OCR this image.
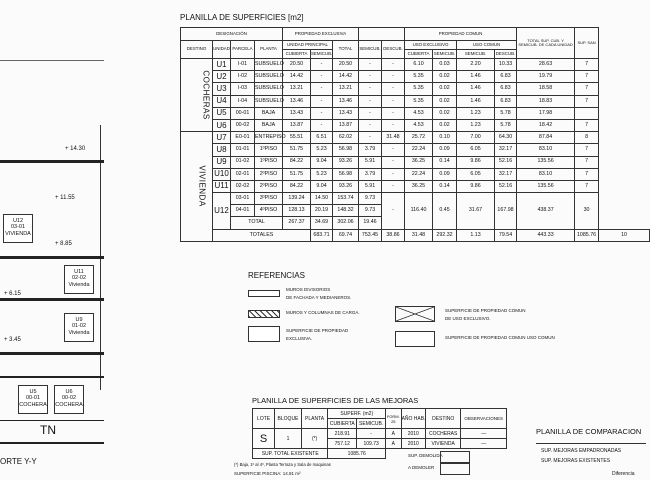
+ 14.30
+ 11.55
+ 8.85
+ 6.15
+ 3.45
U12
03-01
VIVIENDA
U11
02-02
Vivienda
U9
01-02
Vivienda
U5
00-01
COCHERA
U6
00-02
COCHERA
TN
ORTE Y-Y
PLANILLA DE SUPERFICIES [m2]
DESIGNACIÓN				PROPIEDAD EXCLUSIVA					PROPIEDAD COMUN				TOTAL SUP. CUB. Y SEMICUB. DE CADA UNIDAD	SUP. SAN	
DESTINO	UNIDAD	PARCELA	PLANTA	UNIDAD PRINCIPAL		TOTAL	SEMICUB.	DESCUB.	USO EXCLUSIVO		USO COMUN				
				CUBIERTA	SEMICUB.				CUBIERTA	SEMICUB.	SEMICUB.	DESCUB.			
COCHERAS	U1	I-01	SUBSUELO	20.50	-	20.50	-	-	6.10	0.03	2.20	10.33	28.63	7	
	U2	I-02	SUBSUELO	14.42	-	14.42	-	-	5.35	0.02	1.46	6.83	19.79	7	
	U3	I-03	SUBSUELO	13.21	-	13.21	-	-	5.35	0.02	1.46	6.83	18.58	7	
	U4	I-04	SUBSUELO	13.46	-	13.46	-	-	5.35	0.02	1.46	6.83	18.83	7	
	U5	00-01	BAJA	13.43	-	13.43	-	-	4.53	0.02	1.23	5.78	17.98		
	U6	00-02	BAJA	13.87	-	13.87	-	-	4.53	0.02	1.23	5.78	18.42	7	
VIVIENDA	U7	E0-01	ENTREPISO	55.51	6.51	62.02	-	31.48	25.72	0.10	7.00	64.30	87.84	8	
	U8	01-01	1ºPISO	51.75	5.23	56.98	3.79	-	22.24	0.09	6.05	32.17	83.10	7	
	U9	01-02	1ºPISO	84.22	9.04	93.26	5.91	-	36.25	0.14	9.86	52.16	135.56	7	
	U10	02-01	2ºPISO	51.75	5.23	56.98	3.79	-	22.24	0.09	6.05	32.17	83.10	7	
	U11	02-02	2ºPISO	84.22	9.04	93.26	5.91	-	36.25	0.14	9.86	52.16	135.56	7	
	U12	03-01	3ºPISO	139.24	14.50	153.74	9.73	-	116.40	0.45	31.67	167.98	438.37	30	
		04-01	4ºPISO	128.13	20.19	148.32	9.73								
		TOTAL		267.37	34.69	302.06	19.46								
	TOTALES				683.71	69.74	753.45	38.86	31.48	292.32	1.13	79.54	443.33	1085.76	10
REFERENCIAS
MUROS DIVISORIOS
DE FACHADA Y MEDIANEROS.
MUROS Y COLUMNAS DE CARGA.
SUPERFICIE DE PROPIEDAD
EXCLUSIVA.
SUPERFICIE DE PROPIEDAD COMUN
DE USO EXCLUSIVO.
SUPERFICIE DE PROPIEDAD COMUN USO COMUN
PLANILLA DE SUPERFICIES DE LAS MEJORAS
LOTE	BLOQUE	PLANTA	SUPERF. (m2)		FORM. 25	AÑO HAB.	DESTINO	OBSERVACIONES
			CUBIERTA	SEMICUB.				
S	1	(*)	218.91	-	A	2010	COCHERAS	—
			757.12	109.73	A	2010	VIVIENDA	—
SUP. TOTAL EXISTENTE			1085.76						SUP. DEMOLIDA
A DEMOLER
(*) Baja, 1º al 4º, Planta Terraza y Sala de maquinas
SUPERFICIE PISCINA: 14.91 m²
PLANILLA DE COMPARACION
SUP. MEJORAS EMPADRONADAS
SUP. MEJORAS EXISTENTES
Diferencia
